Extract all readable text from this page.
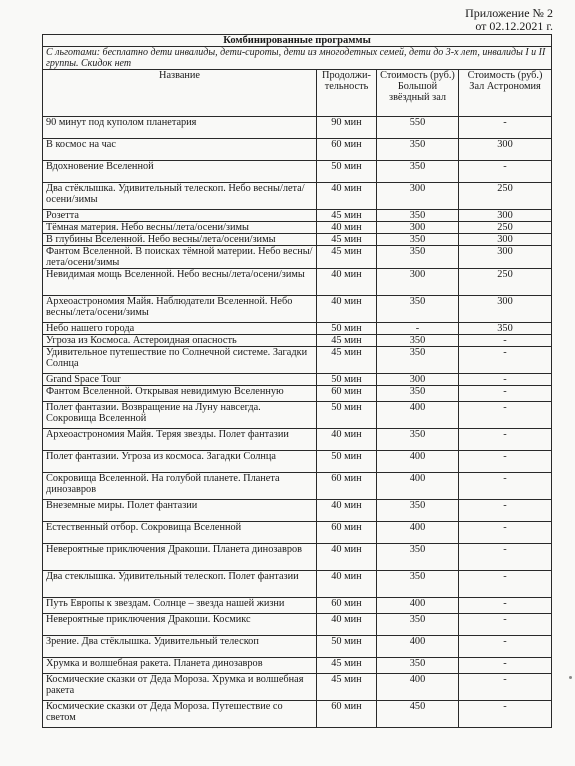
Приложение № 2
от 02.12.2021 г.
Комбинированные программы			
С льготами: бесплатно дети инвалиды, дети-сироты, дети из многодетных семей, дети до 3-х лет, инвалиды I и II группы. Скидок нет			
Название	Продолжи-тельность	Стоимость (руб.) Большой звёздный зал	Стоимость (руб.) Зал Астрономия
90 минут под куполом планетария	90 мин	550	-
В космос на час	60 мин	350	300
Вдохновение Вселенной	50 мин	350	-
Два стёклышка. Удивительный телескоп. Небо весны/лета/осени/зимы	40 мин	300	250
Розетта	45 мин	350	300
Тёмная материя. Небо весны/лета/осени/зимы	40 мин	300	250
В глубины Вселенной. Небо весны/лета/осени/зимы	45 мин	350	300
Фантом Вселенной. В поисках тёмной материи. Небо весны/лета/осени/зимы	45 мин	350	300
Невидимая мощь Вселенной. Небо весны/лета/осени/зимы	40 мин	300	250
Археоастрономия Майя. Наблюдатели Вселенной. Небо весны/лета/осени/зимы	40 мин	350	300
Небо нашего города	50 мин	-	350
Угроза из Космоса. Астероидная опасность	45 мин	350	-
Удивительное путешествие по Солнечной системе. Загадки Солнца	45 мин	350	-
Grand Space Tour	50 мин	300	-
Фантом Вселенной. Открывая невидимую Вселенную	60 мин	350	-
Полет фантазии. Возвращение на Луну навсегда. Сокровища Вселенной	50 мин	400	-
Археоастрономия Майя. Теряя звезды. Полет фантазии	40 мин	350	-
Полет фантазии. Угроза из космоса. Загадки Солнца	50 мин	400	-
Сокровища Вселенной. На голубой планете. Планета динозавров	60 мин	400	-
Внеземные миры. Полет фантазии	40 мин	350	-
Естественный отбор. Сокровища Вселенной	60 мин	400	-
Невероятные приключения Дракоши. Планета динозавров	40 мин	350	-
Два стеклышка. Удивительный телескоп. Полет фантазии	40 мин	350	-
Путь Европы к звездам. Солнце – звезда нашей жизни	60 мин	400	-
Невероятные приключения Дракоши. Космикс	40 мин	350	-
Зрение. Два стёклышка. Удивительный телескоп	50 мин	400	-
Хрумка и волшебная ракета. Планета динозавров	45 мин	350	-
Космические сказки от Деда Мороза. Хрумка и волшебная ракета	45 мин	400	-
Космические сказки от Деда Мороза. Путешествие со светом	60 мин	450	-
